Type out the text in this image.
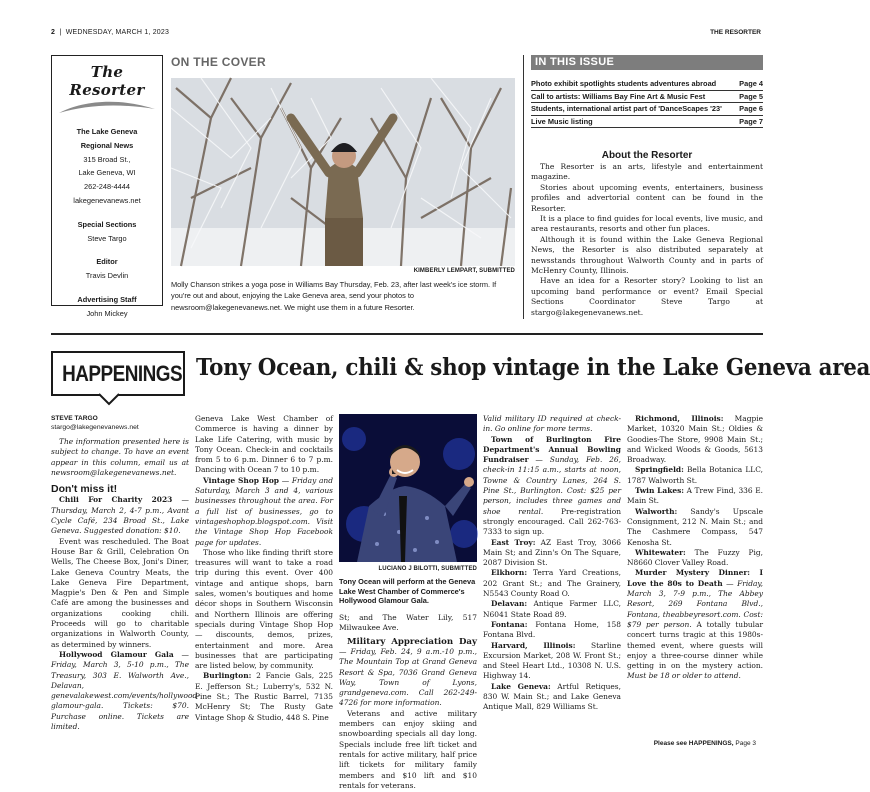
2  |  WEDNESDAY, MARCH 1, 2023	THE RESORTER
The Resorter
The Lake Geneva
Regional News
315 Broad St.,
Lake Geneva, WI
262-248-4444
lakegenevanews.net
Special Sections
Steve Targo
Editor
Travis Devlin
Advertising Staff
John Mickey
ON THE COVER
KIMBERLY LEMPART, SUBMITTED
Molly Chanson strikes a yoga pose in Williams Bay Thursday, Feb. 23, after last week's ice storm. If you're out and about, enjoying the Lake Geneva area, send your photos to newsroom@lakegenevanews.net. We might use them in a future Resorter.
IN THIS ISSUE
Photo exhibit spotlights students adventures abroad	Page 4
Call to artists: Williams Bay Fine Art & Music Fest	Page 5
Students, international artist part of 'DanceScapes '23'	Page 6
Live Music listing	Page 7
About the Resorter

The Resorter is an arts, lifestyle and entertainment magazine.

Stories about upcoming events, entertainers, business profiles and advertorial content can be found in the Resorter.

It is a place to find guides for local events, live music, and area restaurants, resorts and other fun places.

Although it is found within the Lake Geneva Regional News, the Resorter is also distributed separately at newsstands throughout Walworth County and in parts of McHenry County, Illinois.

Have an idea for a Resorter story? Looking to list an upcoming band performance or event? Email Special Sections Coordinator Steve Targo at stargo@lakegenevanews.net.

HAPPENINGS Tony Ocean, chili & shop vintage in the Lake Geneva area
STEVE TARGO
stargo@lakegenevanews.net

The information presented here is subject to change. To have an event appear in this column, email us at newsroom@lakegenevanews.net.

Don't miss it!

Chili For Charity 2023 — Thursday, March 2, 4-7 p.m., Avant Cycle Café, 234 Broad St., Lake Geneva. Suggested donation: $10.

Event was rescheduled. The Boat House Bar & Grill, Celebration On Wells, The Cheese Box, Joni's Diner, Lake Geneva Country Meats, the Lake Geneva Fire Department, Magpie's Den & Pen and Simple Café are among the businesses and organizations cooking chili. Proceeds will go to charitable organizations in Walworth County, as determined by winners.

Hollywood Glamour Gala — Friday, March 3, 5-10 p.m., The Treasury, 303 E. Walworth Ave., Delavan, genevalakewest.com/events/hollywood-glamour-gala. Tickets: $70. Purchase online. Tickets are limited.

Geneva Lake West Chamber of Commerce is having a dinner by Lake Life Catering, with music by Tony Ocean. Check-in and cocktails from 5 to 6 p.m. Dinner 6 to 7 p.m. Dancing with Ocean 7 to 10 p.m.

Vintage Shop Hop — Friday and Saturday, March 3 and 4, various businesses throughout the area. For a full list of businesses, go to vintageshophop.blogspot.com. Visit the Vintage Shop Hop Facebook page for updates.

Those who like finding thrift store treasures will want to take a road trip during this event. Over 400 vintage and antique shops, barn sales, women's boutiques and home décor shops in Southern Wisconsin and Northern Illinois are offering specials during Vintage Shop Hop — discounts, demos, prizes, entertainment and more. Area businesses that are participating are listed below, by community.

Burlington: 2 Fancie Gals, 225 E. Jefferson St.; Luberry's, 532 N. Pine St.; The Rustic Barrel, 7135 McHenry St; The Rusty Gate Vintage Shop & Studio, 448 S. Pine

LUCIANO J BILOTTI, SUBMITTED
Tony Ocean will perform at the Geneva Lake West Chamber of Commerce's Hollywood Glamour Gala.

St; and The Water Lily, 517 Milwaukee Ave.

Military Appreciation Day — Friday, Feb. 24, 9 a.m.-10 p.m., The Mountain Top at Grand Geneva Resort & Spa, 7036 Grand Geneva Way, Town of Lyons, grandgeneva.com. Call 262-249-4726 for more information.

Veterans and active military members can enjoy skiing and snowboarding specials all day long. Specials include free lift ticket and rentals for active military, half price lift tickets for military family members and $10 lift and $10 rentals for veterans.

Valid military ID required at check-in. Go online for more terms.

Town of Burlington Fire Department's Annual Bowling Fundraiser — Sunday, Feb. 26, check-in 11:15 a.m., starts at noon, Towne & Country Lanes, 264 S. Pine St., Burlington. Cost: $25 per person, includes three games and shoe rental. Pre-registration strongly encouraged. Call 262-763-7333 to sign up.

East Troy: AZ East Troy, 3066 Main St; and Zinn's On The Square, 2087 Division St.

Elkhorn: Terra Yard Creations, 202 Grant St.; and The Grainery, N5543 County Road O.

Delavan: Antique Farmer LLC, N6041 State Road 89.

Fontana: Fontana Home, 158 Fontana Blvd.

Harvard, Illinois: Starline Excursion Market, 208 W. Front St.; and Steel Heart Ltd., 10308 N. U.S. Highway 14.

Lake Geneva: Artful Retiques, 830 W. Main St.; and Lake Geneva Antique Mall, 829 Williams St.

Richmond, Illinois: Magpie Market, 10320 Main St.; Oldies & Goodies-The Store, 9908 Main St.; and Wicked Woods & Goods, 5613 Broadway.

Springfield: Bella Botanica LLC, 1787 Walworth St.

Twin Lakes: A Trew Find, 336 E. Main St.

Walworth: Sandy's Upscale Consignment, 212 N. Main St.; and The Cashmere Compass, 547 Kenosha St.

Whitewater: The Fuzzy Pig, N8660 Clover Valley Road.

Murder Mystery Dinner: I Love the 80s to Death — Friday, March 3, 7-9 p.m., The Abbey Resort, 269 Fontana Blvd., Fontana, theabbeyresort.com. Cost: $79 per person. A totally tubular concert turns tragic at this 1980s-themed event, where guests will enjoy a three-course dinner while getting in on the mystery action. Must be 18 or older to attend.

Please see HAPPENINGS, Page 3
